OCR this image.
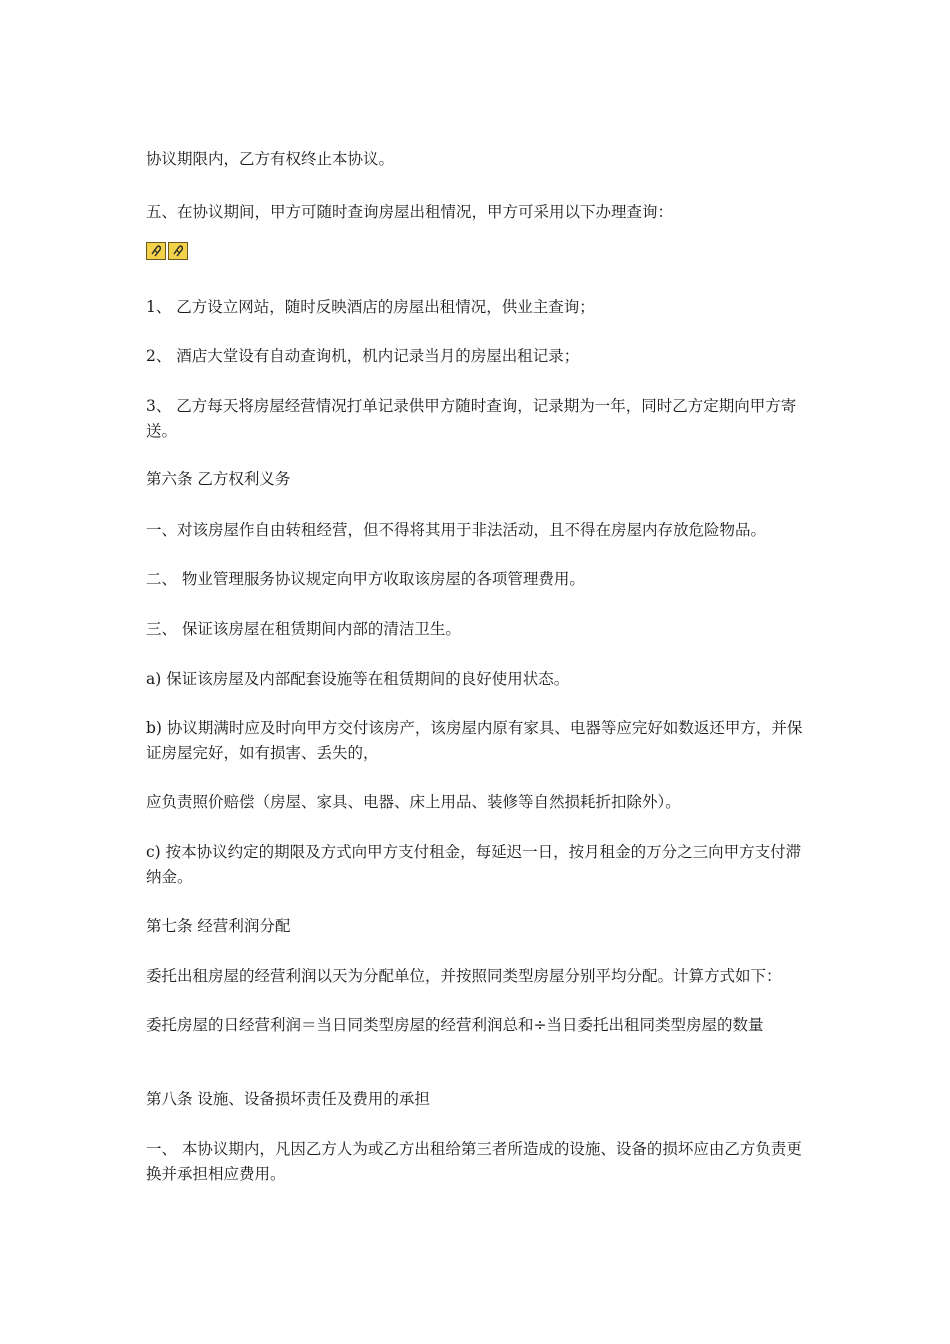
协议期限内，乙方有权终止本协议。

五、在协议期间，甲方可随时查询房屋出租情况，甲方可采用以下办理查询：

1、 乙方设立网站，随时反映酒店的房屋出租情况，供业主查询；

2、 酒店大堂设有自动查询机，机内记录当月的房屋出租记录；

3、 乙方每天将房屋经营情况打单记录供甲方随时查询，记录期为一年，同时乙方定期向甲方寄送。

第六条 乙方权利义务

一、对该房屋作自由转租经营，但不得将其用于非法活动，且不得在房屋内存放危险物品。

二、 物业管理服务协议规定向甲方收取该房屋的各项管理费用。

三、 保证该房屋在租赁期间内部的清洁卫生。

a) 保证该房屋及内部配套设施等在租赁期间的良好使用状态。

b) 协议期满时应及时向甲方交付该房产，该房屋内原有家具、电器等应完好如数返还甲方，并保证房屋完好，如有损害、丢失的，

应负责照价赔偿（房屋、家具、电器、床上用品、装修等自然损耗折扣除外）。

c) 按本协议约定的期限及方式向甲方支付租金，每延迟一日，按月租金的万分之三向甲方支付滞纳金。

第七条 经营利润分配

委托出租房屋的经营利润以天为分配单位，并按照同类型房屋分别平均分配。计算方式如下：

委托房屋的日经营利润＝当日同类型房屋的经营利润总和÷当日委托出租同类型房屋的数量

第八条 设施、设备损坏责任及费用的承担

一、 本协议期内，凡因乙方人为或乙方出租给第三者所造成的设施、设备的损坏应由乙方负责更换并承担相应费用。
